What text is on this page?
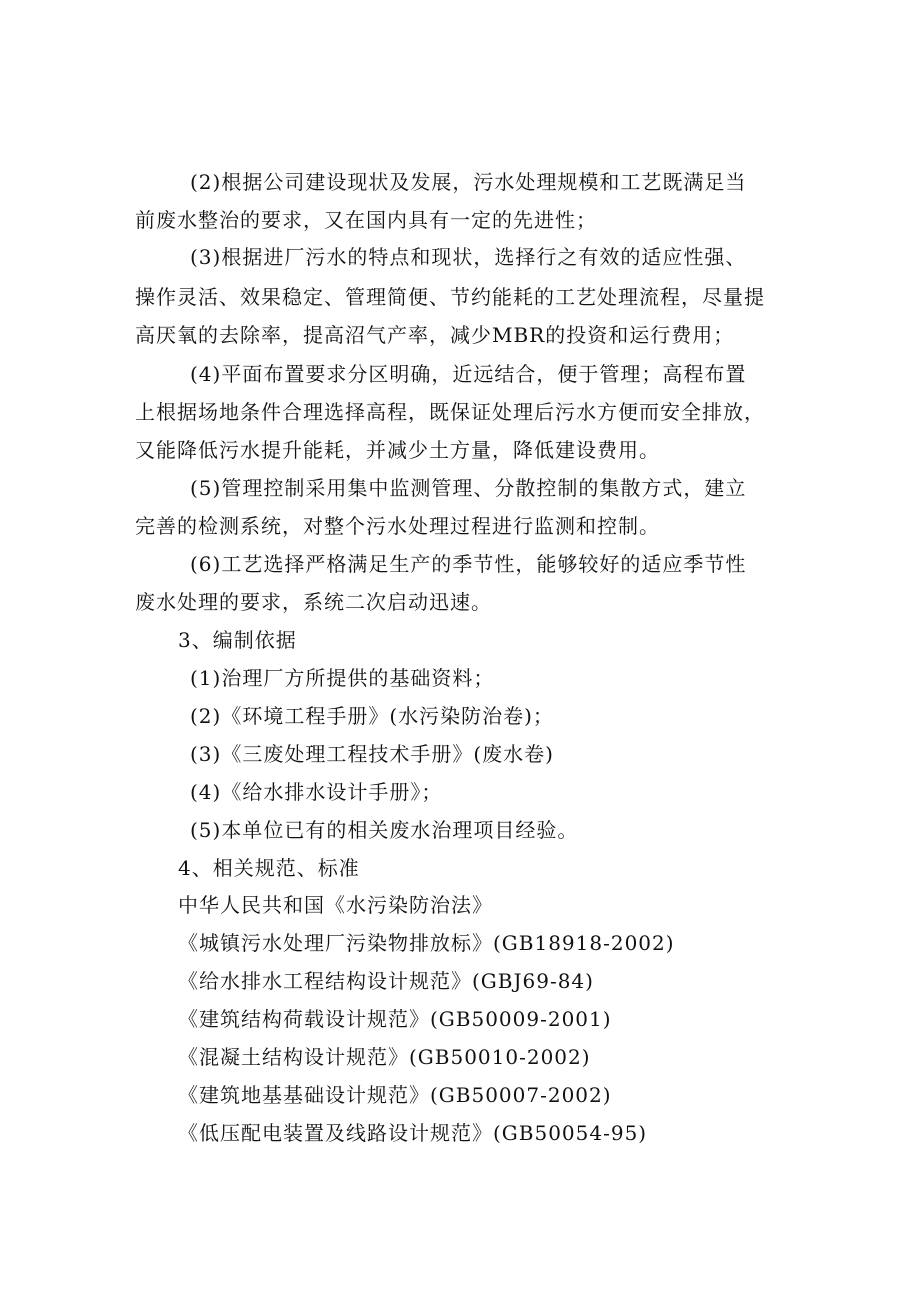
(2)根据公司建设现状及发展，污水处理规模和工艺既满足当
前废水整治的要求，又在国内具有一定的先进性；
(3)根据进厂污水的特点和现状，选择行之有效的适应性强、
操作灵活、效果稳定、管理简便、节约能耗的工艺处理流程，尽量提
高厌氧的去除率，提高沼气产率，减少MBR的投资和运行费用；
(4)平面布置要求分区明确，近远结合，便于管理；高程布置
上根据场地条件合理选择高程，既保证处理后污水方便而安全排放，
又能降低污水提升能耗，并减少土方量，降低建设费用。
(5)管理控制采用集中监测管理、分散控制的集散方式，建立
完善的检测系统，对整个污水处理过程进行监测和控制。
(6)工艺选择严格满足生产的季节性，能够较好的适应季节性
废水处理的要求，系统二次启动迅速。
3、编制依据
(1)治理厂方所提供的基础资料；
(2)《环境工程手册》(水污染防治卷)；
(3)《三废处理工程技术手册》(废水卷)
(4)《给水排水设计手册》；
(5)本单位已有的相关废水治理项目经验。
4、相关规范、标准
中华人民共和国《水污染防治法》
《城镇污水处理厂污染物排放标》(GB18918-2002)
《给水排水工程结构设计规范》(GBJ69-84)
《建筑结构荷载设计规范》(GB50009-2001)
《混凝土结构设计规范》(GB50010-2002)
《建筑地基基础设计规范》(GB50007-2002)
《低压配电装置及线路设计规范》(GB50054-95)
